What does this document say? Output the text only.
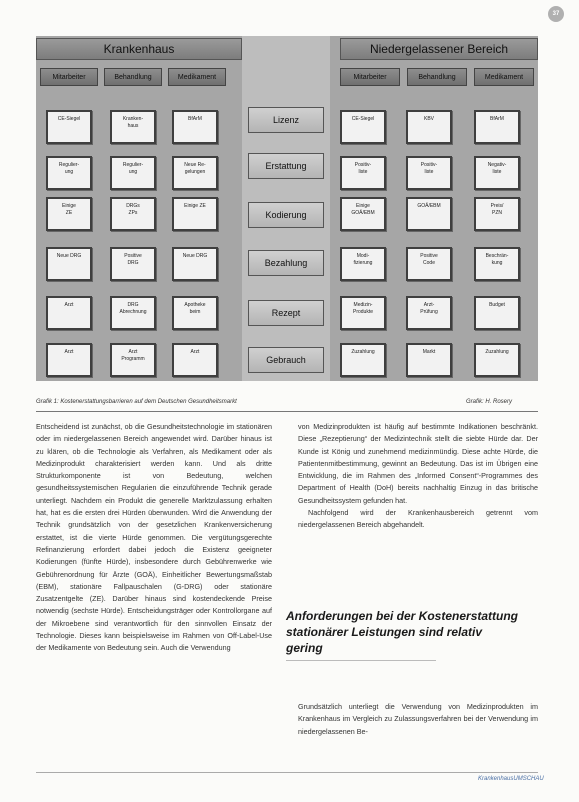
37
Krankenhaus	Niedergelassener Bereich
Mitarbeiter	Behandlung	Medikament	Mitarbeiter	Behandlung	Medikament
Lizenz
Erstattung
Kodierung
Bezahlung
Rezept
Gebrauch
CE-Siegel	Kranken-
haus
BfArM
Regulier-
ung
Regulier-
ung
Neue Re-
gelungen
Einige
ZE
DRGs
ZPs
Einige ZE
Neue DRG	Positive
DRG
Neue DRG
Arzt	DRG
Abrechnung
Apotheke
beim
Arzt	Arzt
Programm
Arzt
CE-Siegel	KBV	BfArM
Positiv-
liste
Positiv-
liste
Negativ-
liste
Einige
GOÄ/EBM
GOÄ/EBM	Preis/
PZN
Modi-
fizierung
Positive
Code
Beschrän-
kung
Medizin-
Produkte
Arzt-
Prüfung
Budget
Zuzahlung	Markt	Zuzahlung
Grafik 1: Kostenerstattungsbarrieren auf dem Deutschen Gesundheitsmarkt	Grafik: H. Rosery

Entscheidend ist zunächst, ob die Gesundheitstechnologie im stationären oder im niedergelassenen Bereich angewendet wird. Darüber hinaus ist zu klären, ob die Technologie als Verfahren, als Medikament oder als Medizinprodukt charakterisiert werden kann. Und als dritte Strukturkomponente ist von Bedeutung, welchen gesundheitssystemischen Regularien die einzuführende Technik gerade unterliegt. Nachdem ein Produkt die generelle Marktzulassung erhalten hat, hat es die ersten drei Hürden überwunden. Wird die Anwendung der Technik grundsätzlich von der gesetzlichen Krankenversicherung erstattet, ist die vierte Hürde genommen. Die vergütungsgerechte Refinanzierung erfordert dabei jedoch die Existenz geeigneter Kodierungen (fünfte Hürde), insbesondere durch Gebührenwerke wie Gebührenordnung für Ärzte (GOÄ), Einheitlicher Bewertungsmaßstab (EBM), stationäre Fallpauschalen (G-DRG) oder stationäre Zusatzentgelte (ZE). Darüber hinaus sind kostendeckende Preise notwendig (sechste Hürde). Entscheidungsträger oder Kontrollorgane auf der Mikroebene sind verantwortlich für den sinnvollen Einsatz der Technologie. Dieses kann beispielsweise im Rahmen von Off-Label-Use der Medikamente von Bedeutung sein. Auch die Verwendung

von Medizinprodukten ist häufig auf bestimmte Indikationen beschränkt. Diese „Rezeptierung“ der Medizintechnik stellt die siebte Hürde dar. Der Kunde ist König und zunehmend medizinmündig. Diese achte Hürde, die Patientenmitbestimmung, gewinnt an Bedeutung. Das ist im Übrigen eine Entwicklung, die im Rahmen des „Informed Consent“-Programmes des Department of Health (DoH) bereits nachhaltig Einzug in das britische Gesundheitssystem gefunden hat.

Nachfolgend wird der Krankenhausbereich getrennt vom niedergelassenen Bereich abgehandelt.

Anforderungen bei der Kostenerstattung stationärer Leistungen sind relativ gering

Grundsätzlich unterliegt die Verwendung von Medizinprodukten im Krankenhaus im Vergleich zu Zulassungsverfahren bei der Verwendung im niedergelassenen Be-

KrankenhausUMSCHAU
